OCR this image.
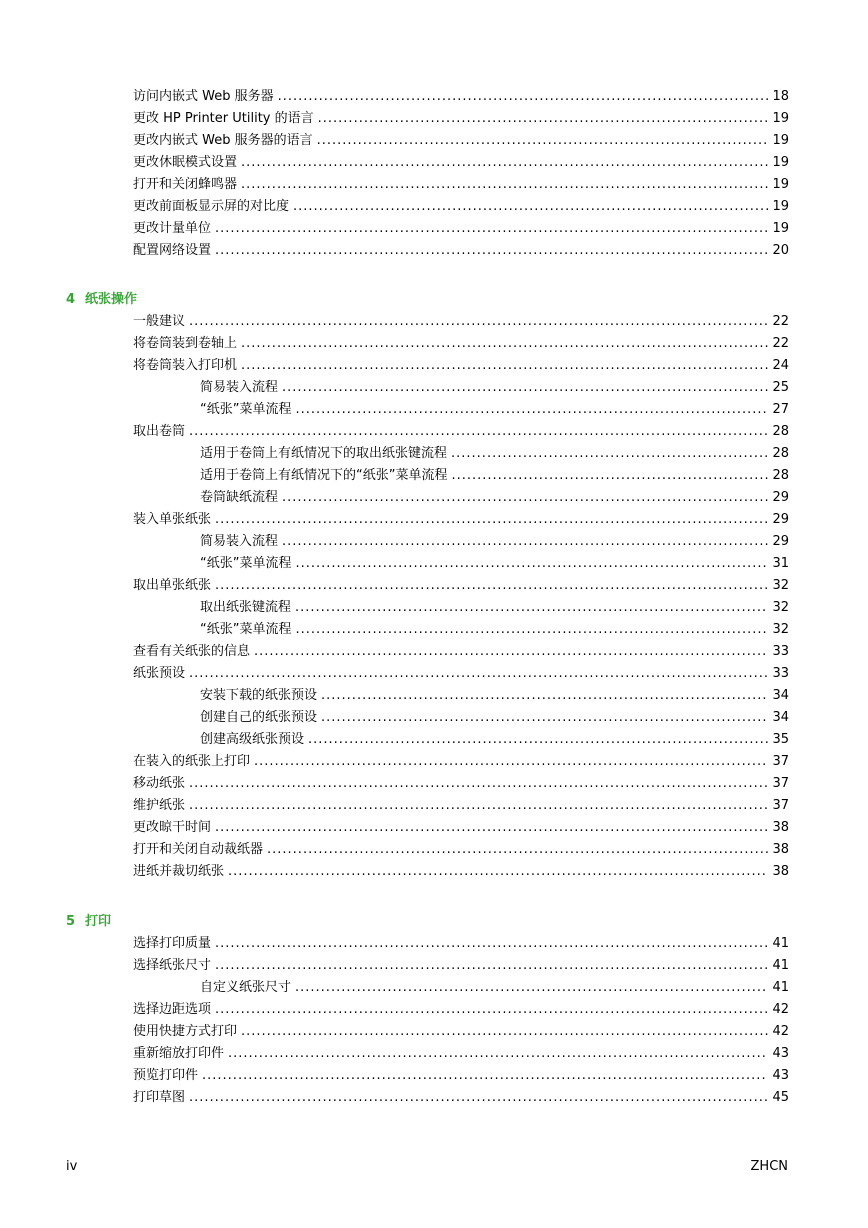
访问内嵌式 Web 服务器 .....	18
更改 HP Printer Utility 的语言 .....	19
更改内嵌式 Web 服务器的语言 .....	19
更改休眠模式设置 .....	19
打开和关闭蜂鸣器 .....	19
更改前面板显示屏的对比度 .....	19
更改计量单位 .....	19
配置网络设置 .....	20
4 纸张操作
一般建议 .....	22
将卷筒装到卷轴上 .....	22
将卷筒装入打印机 .....	24
简易装入流程 .....	25
“纸张”菜单流程 .....	27
取出卷筒 .....	28
适用于卷筒上有纸情况下的取出纸张键流程 .....	28
适用于卷筒上有纸情况下的“纸张”菜单流程 .....	28
卷筒缺纸流程 .....	29
装入单张纸张 .....	29
简易装入流程 .....	29
“纸张”菜单流程 .....	31
取出单张纸张 .....	32
取出纸张键流程 .....	32
“纸张”菜单流程 .....	32
查看有关纸张的信息 .....	33
纸张预设 .....	33
安装下载的纸张预设 .....	34
创建自己的纸张预设 .....	34
创建高级纸张预设 .....	35
在装入的纸张上打印 .....	37
移动纸张 .....	37
维护纸张 .....	37
更改晾干时间 .....	38
打开和关闭自动裁纸器 .....	38
进纸并裁切纸张 .....	38
5 打印
选择打印质量 .....	41
选择纸张尺寸 .....	41
自定义纸张尺寸 .....	41
选择边距选项 .....	42
使用快捷方式打印 .....	42
重新缩放打印件 .....	43
预览打印件 .....	43
打印草图 .....	45
iv	ZHCN
